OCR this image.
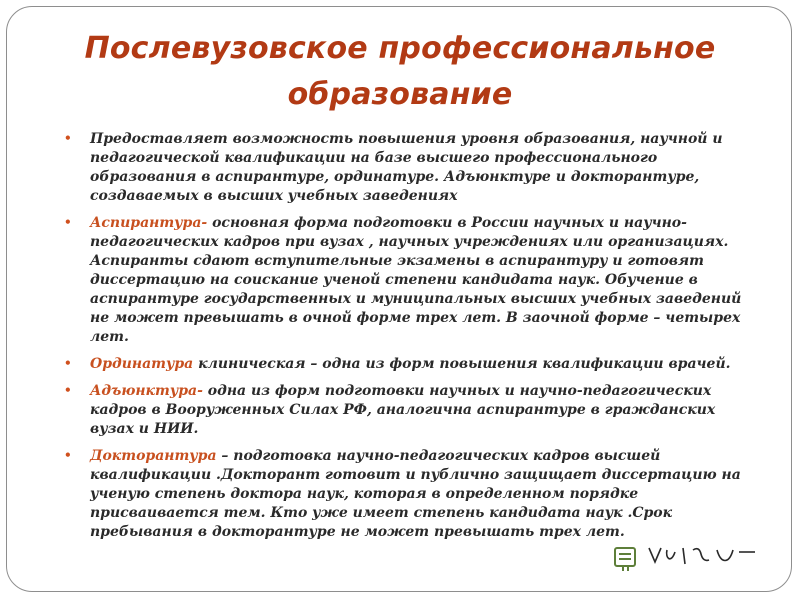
Послевузовское профессиональное образование
• Предоставляет возможность повышения уровня образования, научной и педагогической квалификации на базе высшего профессионального образования в аспирантуре, ординатуре. Адъюнктуре и докторантуре, создаваемых в высших учебных заведениях
• Аспирантура- основная форма подготовки в России научных и научно-педагогических кадров при вузах , научных учреждениях или организациях. Аспиранты сдают вступительные экзамены в аспирантуру и готовят диссертацию на соискание ученой степени кандидата наук. Обучение в аспирантуре государственных и муниципальных высших учебных заведений не может превышать в очной форме трех лет. В заочной форме – четырех лет.
• Ординатура клиническая – одна из форм повышения квалификации врачей.
• Адъюнктура- одна из форм подготовки научных и научно-педагогических кадров в Вооруженных Силах РФ, аналогична аспирантуре в гражданских вузах и НИИ.
• Докторантура – подготовка научно-педагогических кадров высшей квалификации .Докторант готовит и публично защищает диссертацию на ученую степень доктора наук, которая в определенном порядке присваивается тем. Кто уже имеет степень кандидата наук .Срок пребывания в докторантуре не может превышать трех лет.
